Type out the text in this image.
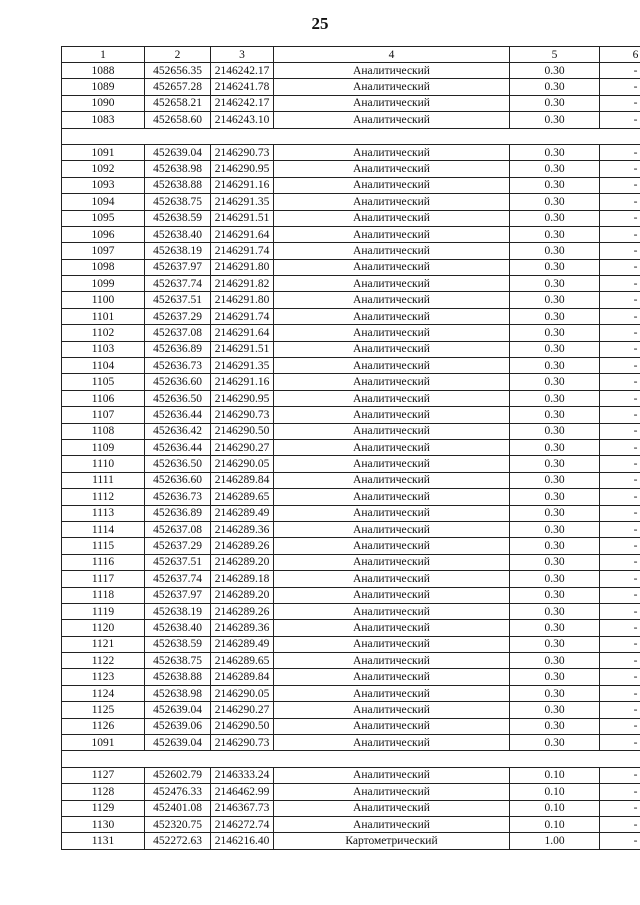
25
1	2	3	4	5	6
1088	452656.35	2146242.17	Аналитический	0.30	-
1089	452657.28	2146241.78	Аналитический	0.30	-
1090	452658.21	2146242.17	Аналитический	0.30	-
1083	452658.60	2146243.10	Аналитический	0.30	-

1091	452639.04	2146290.73	Аналитический	0.30	-
1092	452638.98	2146290.95	Аналитический	0.30	-
1093	452638.88	2146291.16	Аналитический	0.30	-
1094	452638.75	2146291.35	Аналитический	0.30	-
1095	452638.59	2146291.51	Аналитический	0.30	-
1096	452638.40	2146291.64	Аналитический	0.30	-
1097	452638.19	2146291.74	Аналитический	0.30	-
1098	452637.97	2146291.80	Аналитический	0.30	-
1099	452637.74	2146291.82	Аналитический	0.30	-
1100	452637.51	2146291.80	Аналитический	0.30	-
1101	452637.29	2146291.74	Аналитический	0.30	-
1102	452637.08	2146291.64	Аналитический	0.30	-
1103	452636.89	2146291.51	Аналитический	0.30	-
1104	452636.73	2146291.35	Аналитический	0.30	-
1105	452636.60	2146291.16	Аналитический	0.30	-
1106	452636.50	2146290.95	Аналитический	0.30	-
1107	452636.44	2146290.73	Аналитический	0.30	-
1108	452636.42	2146290.50	Аналитический	0.30	-
1109	452636.44	2146290.27	Аналитический	0.30	-
1110	452636.50	2146290.05	Аналитический	0.30	-
1111	452636.60	2146289.84	Аналитический	0.30	-
1112	452636.73	2146289.65	Аналитический	0.30	-
1113	452636.89	2146289.49	Аналитический	0.30	-
1114	452637.08	2146289.36	Аналитический	0.30	-
1115	452637.29	2146289.26	Аналитический	0.30	-
1116	452637.51	2146289.20	Аналитический	0.30	-
1117	452637.74	2146289.18	Аналитический	0.30	-
1118	452637.97	2146289.20	Аналитический	0.30	-
1119	452638.19	2146289.26	Аналитический	0.30	-
1120	452638.40	2146289.36	Аналитический	0.30	-
1121	452638.59	2146289.49	Аналитический	0.30	-
1122	452638.75	2146289.65	Аналитический	0.30	-
1123	452638.88	2146289.84	Аналитический	0.30	-
1124	452638.98	2146290.05	Аналитический	0.30	-
1125	452639.04	2146290.27	Аналитический	0.30	-
1126	452639.06	2146290.50	Аналитический	0.30	-
1091	452639.04	2146290.73	Аналитический	0.30	-

1127	452602.79	2146333.24	Аналитический	0.10	-
1128	452476.33	2146462.99	Аналитический	0.10	-
1129	452401.08	2146367.73	Аналитический	0.10	-
1130	452320.75	2146272.74	Аналитический	0.10	-
1131	452272.63	2146216.40	Картометрический	1.00	-
